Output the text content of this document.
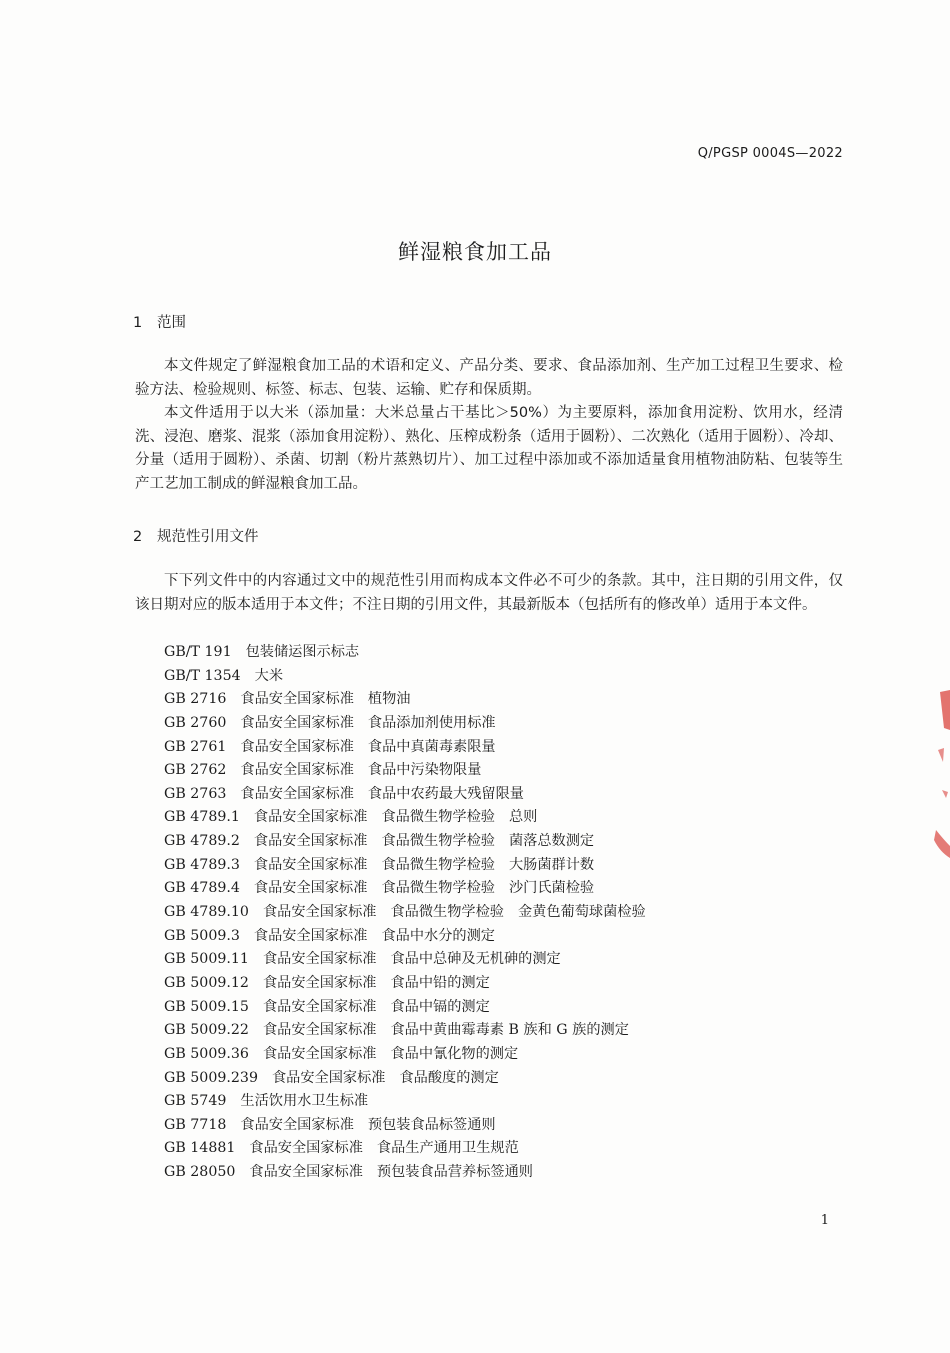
Q/PGSP 0004S—2022
鲜湿粮食加工品
1 范围
本文件规定了鲜湿粮食加工品的术语和定义、产品分类、要求、食品添加剂、生产加工过程卫生要求、检验方法、检验规则、标签、标志、包装、运输、贮存和保质期。
本文件适用于以大米（添加量：大米总量占干基比＞50%）为主要原料，添加食用淀粉、饮用水，经清洗、浸泡、磨浆、混浆（添加食用淀粉）、熟化、压榨成粉条（适用于圆粉）、二次熟化（适用于圆粉）、冷却、分量（适用于圆粉）、杀菌、切割（粉片蒸熟切片）、加工过程中添加或不添加适量食用植物油防粘、包装等生产工艺加工制成的鲜湿粮食加工品。
2 规范性引用文件
下下列文件中的内容通过文中的规范性引用而构成本文件必不可少的条款。其中，注日期的引用文件，仅该日期对应的版本适用于本文件；不注日期的引用文件，其最新版本（包括所有的修改单）适用于本文件。
GB/T 191 包装储运图示标志
GB/T 1354 大米
GB 2716 食品安全国家标准 植物油
GB 2760 食品安全国家标准 食品添加剂使用标准
GB 2761 食品安全国家标准 食品中真菌毒素限量
GB 2762 食品安全国家标准 食品中污染物限量
GB 2763 食品安全国家标准 食品中农药最大残留限量
GB 4789.1 食品安全国家标准 食品微生物学检验 总则
GB 4789.2 食品安全国家标准 食品微生物学检验 菌落总数测定
GB 4789.3 食品安全国家标准 食品微生物学检验 大肠菌群计数
GB 4789.4 食品安全国家标准 食品微生物学检验 沙门氏菌检验
GB 4789.10 食品安全国家标准 食品微生物学检验 金黄色葡萄球菌检验
GB 5009.3 食品安全国家标准 食品中水分的测定
GB 5009.11 食品安全国家标准 食品中总砷及无机砷的测定
GB 5009.12 食品安全国家标准 食品中铅的测定
GB 5009.15 食品安全国家标准 食品中镉的测定
GB 5009.22 食品安全国家标准 食品中黄曲霉毒素 B 族和 G 族的测定
GB 5009.36 食品安全国家标准 食品中氰化物的测定
GB 5009.239 食品安全国家标准 食品酸度的测定
GB 5749 生活饮用水卫生标准
GB 7718 食品安全国家标准 预包装食品标签通则
GB 14881 食品安全国家标准 食品生产通用卫生规范
GB 28050 食品安全国家标准 预包装食品营养标签通则
1
